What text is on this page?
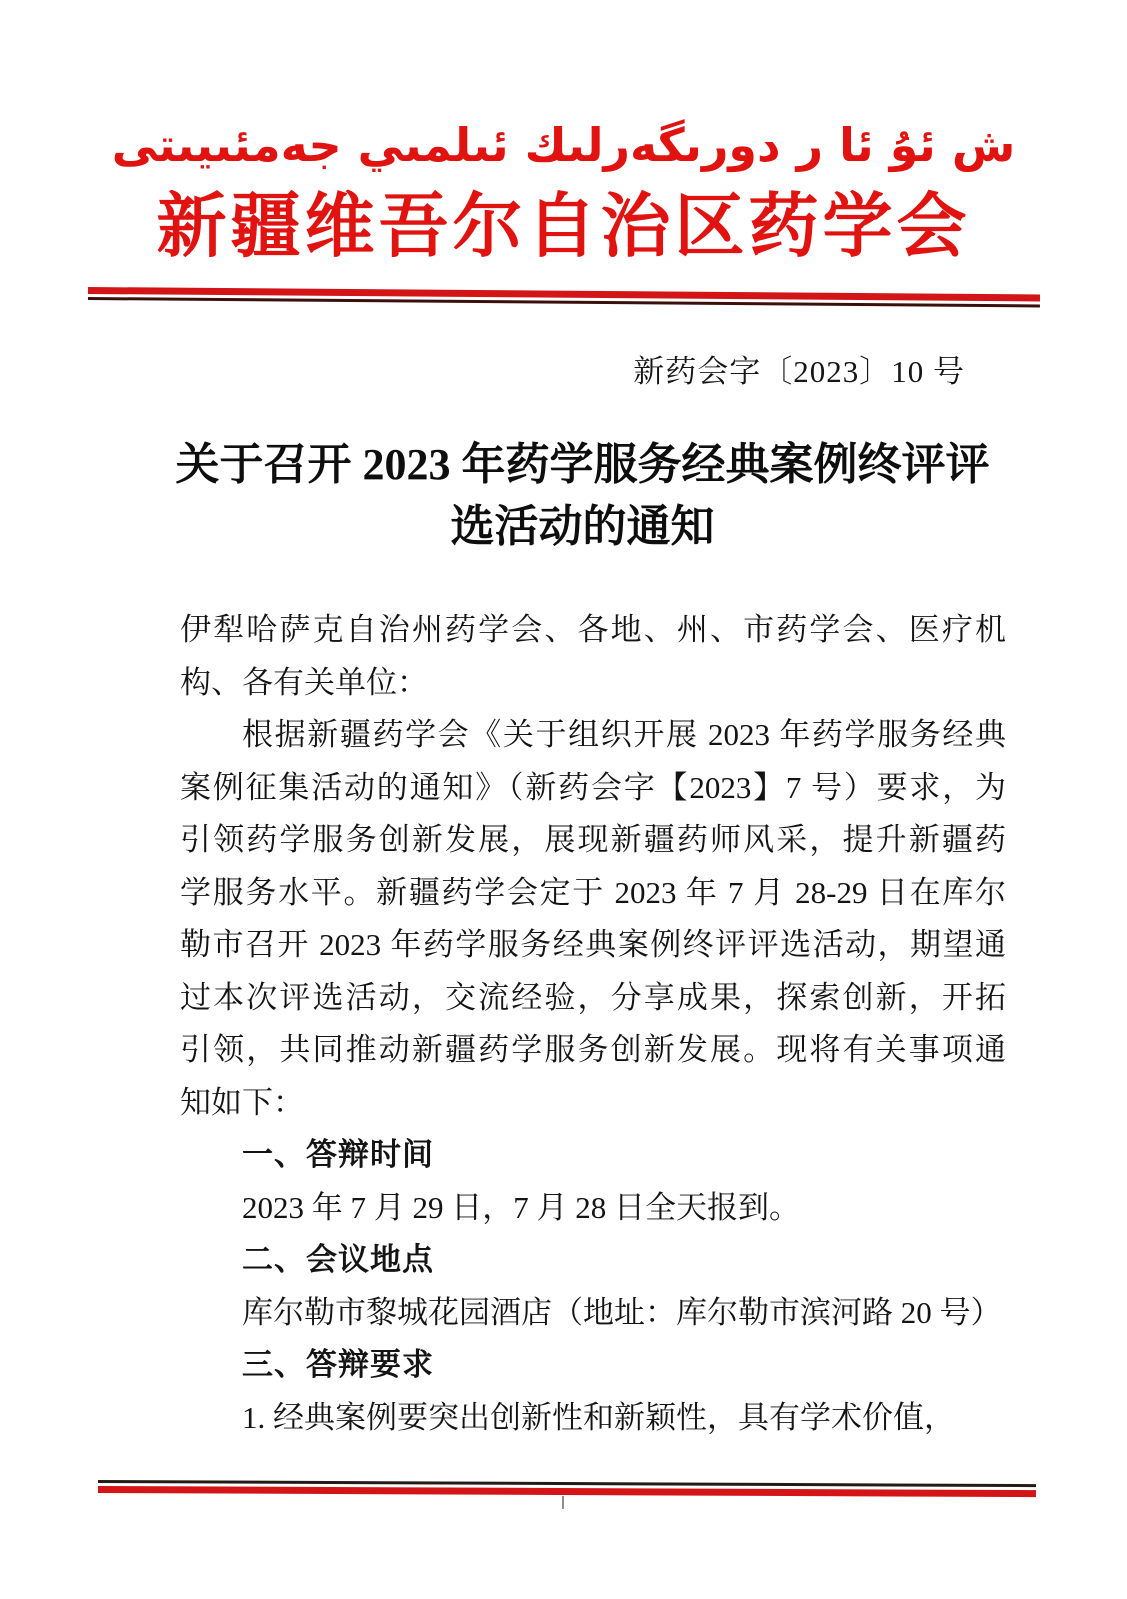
ش ئۇ ئا ر دورىگەرلىك ئىلمىي جەمئىيىتى
新疆维吾尔自治区药学会
新药会字〔2023〕10 号
关于召开 2023 年药学服务经典案例终评评
选活动的通知
伊犁哈萨克自治州药学会、各地、州、市药学会、医疗机
构、各有关单位：
根据新疆药学会《关于组织开展 2023 年药学服务经典
案例征集活动的通知》（新药会字【2023】7 号）要求，为
引领药学服务创新发展，展现新疆药师风采，提升新疆药
学服务水平。新疆药学会定于 2023 年 7 月 28-29 日在库尔
勒市召开 2023 年药学服务经典案例终评评选活动，期望通
过本次评选活动，交流经验，分享成果，探索创新，开拓
引领，共同推动新疆药学服务创新发展。现将有关事项通
知如下：
一、答辩时间
2023 年 7 月 29 日，7 月 28 日全天报到。
二、会议地点
库尔勒市黎城花园酒店（地址：库尔勒市滨河路 20 号）
三、答辩要求
1. 经典案例要突出创新性和新颖性，具有学术价值，
